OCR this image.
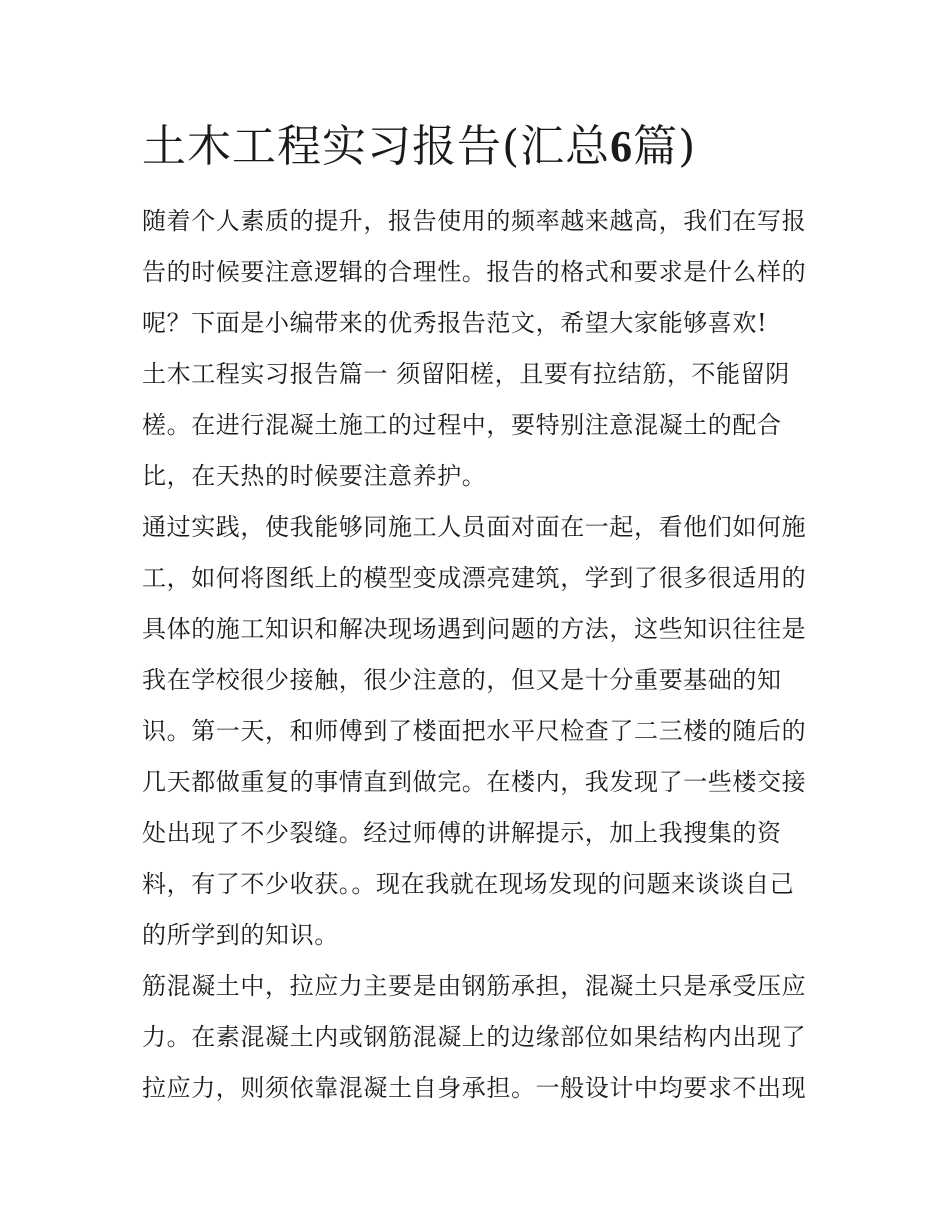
土木工程实习报告(汇总6篇)

随着个人素质的提升，报告使用的频率越来越高，我们在写报

告的时候要注意逻辑的合理性。报告的格式和要求是什么样的

呢？下面是小编带来的优秀报告范文，希望大家能够喜欢!

土木工程实习报告篇一 须留阳槎，且要有拉结筋，不能留阴

槎。在进行混凝土施工的过程中，要特别注意混凝土的配合

比，在天热的时候要注意养护。

通过实践，使我能够同施工人员面对面在一起，看他们如何施

工，如何将图纸上的模型变成漂亮建筑，学到了很多很适用的

具体的施工知识和解决现场遇到问题的方法，这些知识往往是

我在学校很少接触，很少注意的，但又是十分重要基础的知

识。第一天，和师傅到了楼面把水平尺检查了二三楼的随后的

几天都做重复的事情直到做完。在楼内，我发现了一些楼交接

处出现了不少裂缝。经过师傅的讲解提示，加上我搜集的资

料，有了不少收获。。现在我就在现场发现的问题来谈谈自己

的所学到的知识。

筋混凝土中，拉应力主要是由钢筋承担，混凝土只是承受压应

力。在素混凝土内或钢筋混凝上的边缘部位如果结构内出现了

拉应力，则须依靠混凝土自身承担。一般设计中均要求不出现
